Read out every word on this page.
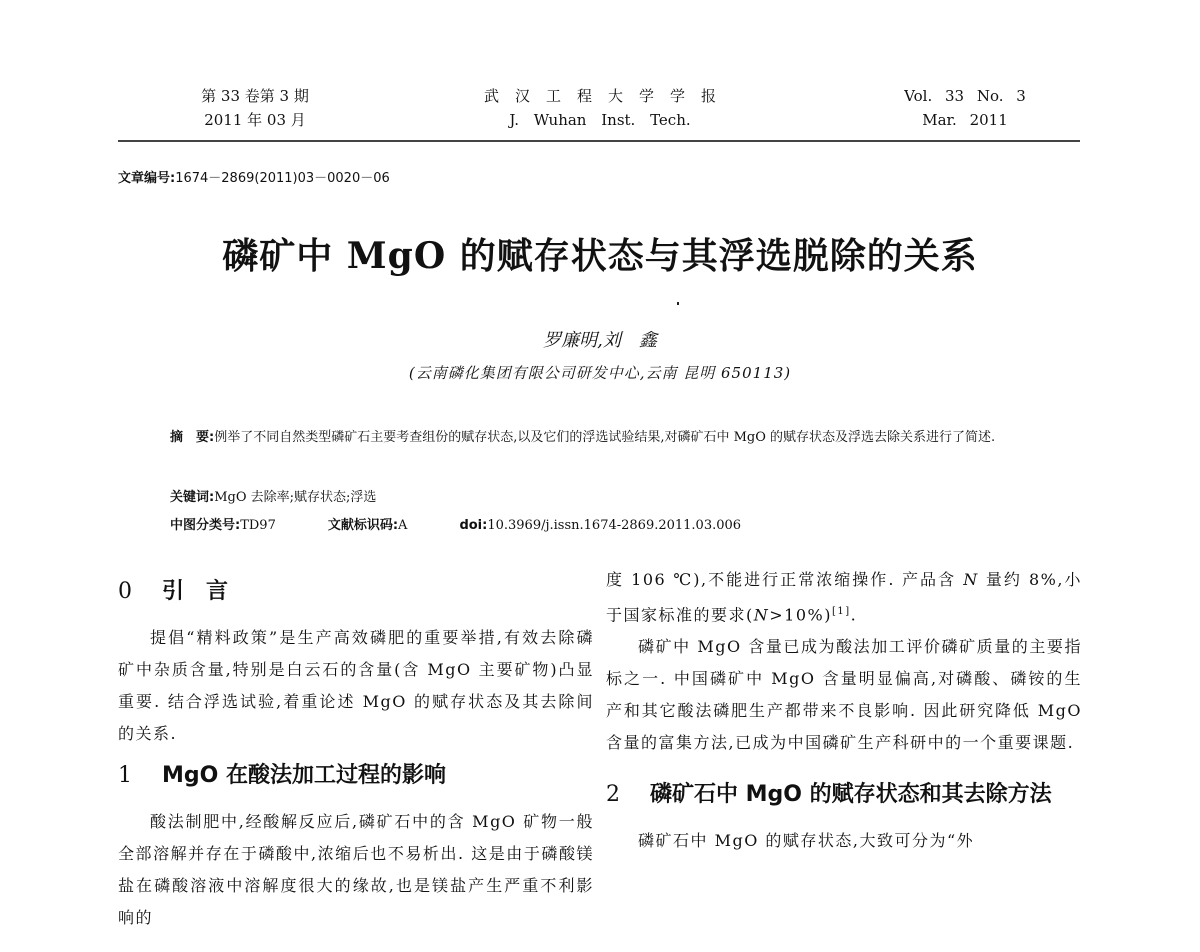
第 33 卷第 3 期
2011 年 03 月
武汉工程大学学报
J. Wuhan Inst. Tech.
Vol. 33 No. 3
Mar. 2011
文章编号:1674－2869(2011)03－0020－06
磷矿中 MgO 的赋存状态与其浮选脱除的关系
罗廉明,刘　鑫
(云南磷化集团有限公司研发中心,云南 昆明 650113)
摘　要:例举了不同自然类型磷矿石主要考查组份的赋存状态,以及它们的浮选试验结果,对磷矿石中 MgO 的赋存状态及浮选去除关系进行了简述.
关键词:MgO 去除率;赋存状态;浮选
中图分类号:TD97	文献标识码:A	doi:10.3969/j.issn.1674-2869.2011.03.006
0 引言

提倡“精料政策”是生产高效磷肥的重要举措,有效去除磷矿中杂质含量,特别是白云石的含量(含 MgO 主要矿物)凸显重要. 结合浮选试验,着重论述 MgO 的赋存状态及其去除间的关系.

1 MgO 在酸法加工过程的影响

酸法制肥中,经酸解反应后,磷矿石中的含 MgO 矿物一般全部溶解并存在于磷酸中,浓缩后也不易析出. 这是由于磷酸镁盐在磷酸溶液中溶解度很大的缘故,也是镁盐产生严重不利影响的

度 106 ℃),不能进行正常浓缩操作. 产品含 N 量约 8%,小于国家标准的要求(N>10%)[1].

磷矿中 MgO 含量已成为酸法加工评价磷矿质量的主要指标之一. 中国磷矿中 MgO 含量明显偏高,对磷酸、磷铵的生产和其它酸法磷肥生产都带来不良影响. 因此研究降低 MgO 含量的富集方法,已成为中国磷矿生产科研中的一个重要课题.

2 磷矿石中 MgO 的赋存状态和其去除方法

磷矿石中 MgO 的赋存状态,大致可分为“外
